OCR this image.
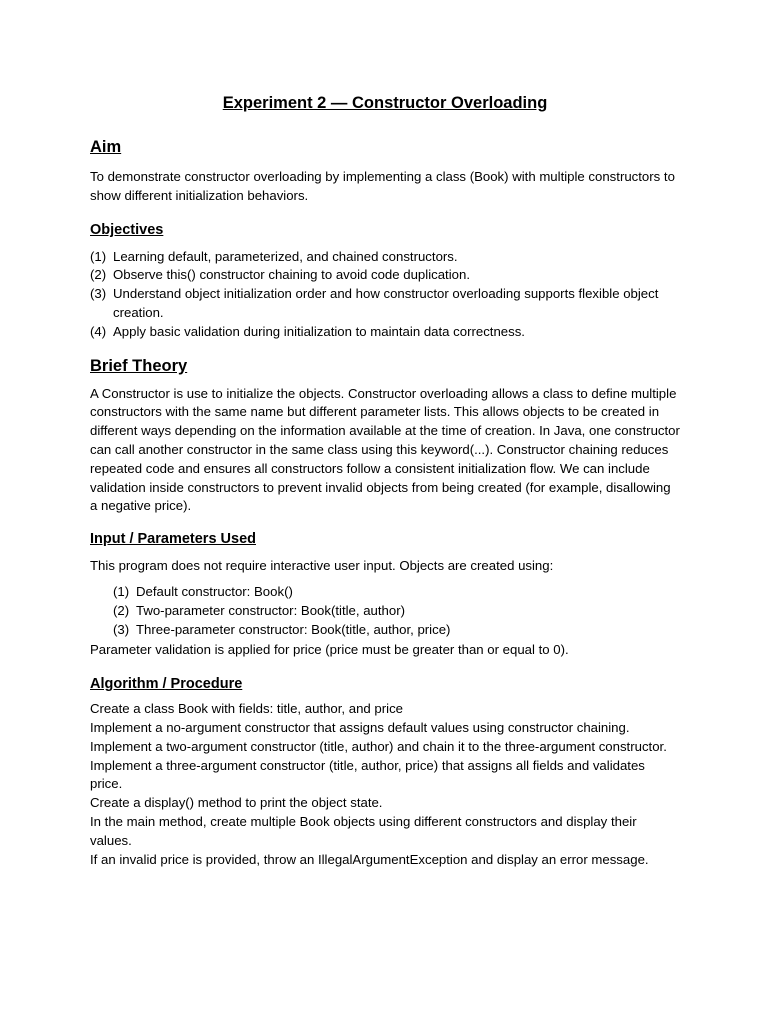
Experiment 2 — Constructor Overloading
Aim

To demonstrate constructor overloading by implementing a class (Book) with multiple constructors to show different initialization behaviors.

Objectives
(1) Learning default, parameterized, and chained constructors.
(2) Observe this() constructor chaining to avoid code duplication.
(3) Understand object initialization order and how constructor overloading supports flexible object creation.
(4) Apply basic validation during initialization to maintain data correctness.
Brief Theory

A Constructor is use to initialize the objects. Constructor overloading allows a class to define multiple constructors with the same name but different parameter lists. This allows objects to be created in different ways depending on the information available at the time of creation. In Java, one constructor can call another constructor in the same class using this keyword(...). Constructor chaining reduces repeated code and ensures all constructors follow a consistent initialization flow. We can include validation inside constructors to prevent invalid objects from being created (for example, disallowing a negative price).

Input / Parameters Used

This program does not require interactive user input. Objects are created using:

(1) Default constructor: Book()
(2) Two-parameter constructor: Book(title, author)
(3) Three-parameter constructor: Book(title, author, price)

Parameter validation is applied for price (price must be greater than or equal to 0).

Algorithm / Procedure
Create a class Book with fields: title, author, and price
Implement a no-argument constructor that assigns default values using constructor chaining.
Implement a two-argument constructor (title, author) and chain it to the three-argument constructor.
Implement a three-argument constructor (title, author, price) that assigns all fields and validates price.
Create a display() method to print the object state.
In the main method, create multiple Book objects using different constructors and display their values.
If an invalid price is provided, throw an IllegalArgumentException and display an error message.
